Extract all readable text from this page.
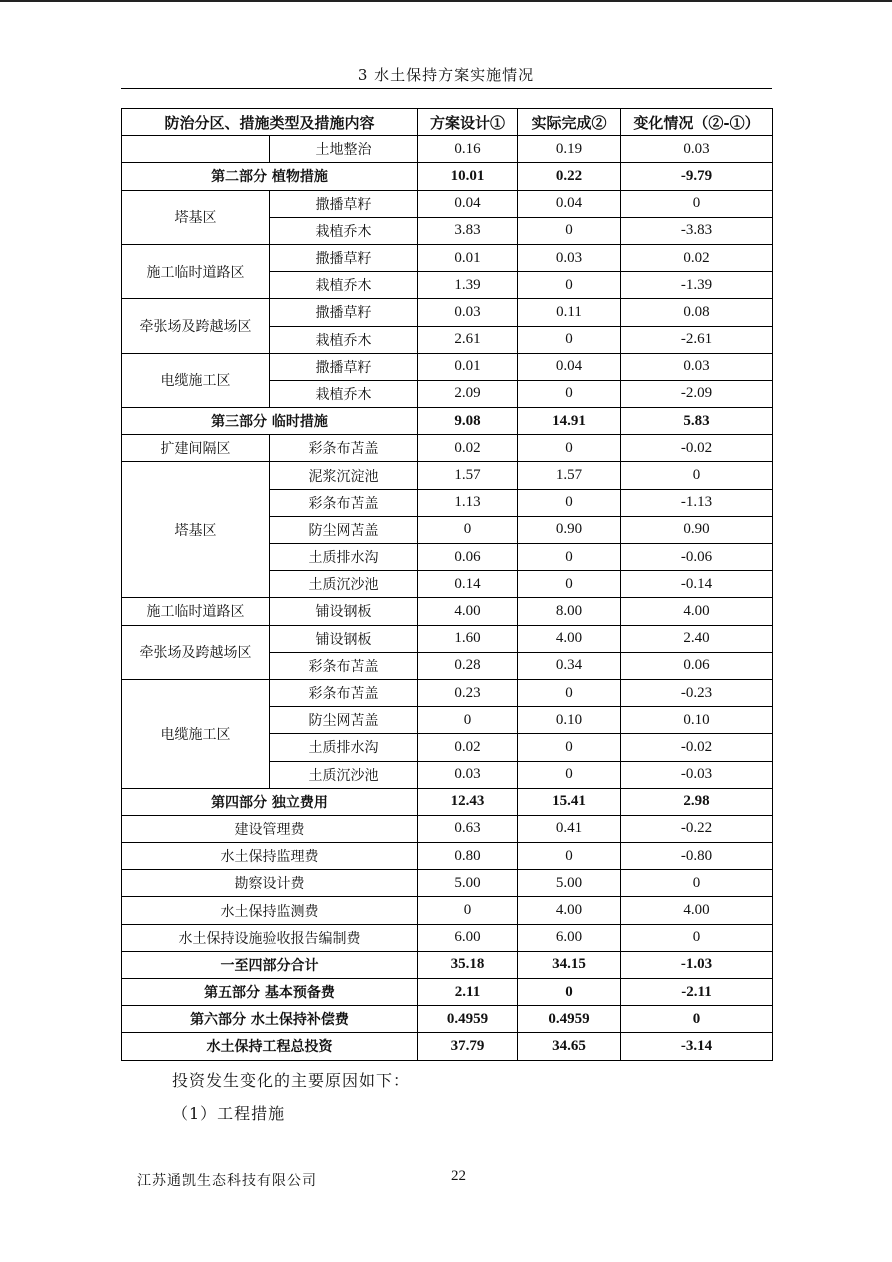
3 水土保持方案实施情况
防治分区、措施类型及措施内容		方案设计①	实际完成②	变化情况（②-①）
	土地整治	0.16	0.19	0.03
第二部分 植物措施		10.01	0.22	-9.79
塔基区	撒播草籽	0.04	0.04	0
	栽植乔木	3.83	0	-3.83
施工临时道路区	撒播草籽	0.01	0.03	0.02
	栽植乔木	1.39	0	-1.39
牵张场及跨越场区	撒播草籽	0.03	0.11	0.08
	栽植乔木	2.61	0	-2.61
电缆施工区	撒播草籽	0.01	0.04	0.03
	栽植乔木	2.09	0	-2.09
第三部分 临时措施		9.08	14.91	5.83
扩建间隔区	彩条布苫盖	0.02	0	-0.02
塔基区	泥浆沉淀池	1.57	1.57	0
	彩条布苫盖	1.13	0	-1.13
	防尘网苫盖	0	0.90	0.90
	土质排水沟	0.06	0	-0.06
	土质沉沙池	0.14	0	-0.14
施工临时道路区	铺设钢板	4.00	8.00	4.00
牵张场及跨越场区	铺设钢板	1.60	4.00	2.40
	彩条布苫盖	0.28	0.34	0.06
电缆施工区	彩条布苫盖	0.23	0	-0.23
	防尘网苫盖	0	0.10	0.10
	土质排水沟	0.02	0	-0.02
	土质沉沙池	0.03	0	-0.03
第四部分 独立费用		12.43	15.41	2.98
建设管理费		0.63	0.41	-0.22
水土保持监理费		0.80	0	-0.80
勘察设计费		5.00	5.00	0
水土保持监测费		0	4.00	4.00
水土保持设施验收报告编制费		6.00	6.00	0
一至四部分合计		35.18	34.15	-1.03
第五部分 基本预备费		2.11	0	-2.11
第六部分 水土保持补偿费		0.4959	0.4959	0
水土保持工程总投资		37.79	34.65	-3.14
投资发生变化的主要原因如下：
（1）工程措施
江苏通凯生态科技有限公司	22
